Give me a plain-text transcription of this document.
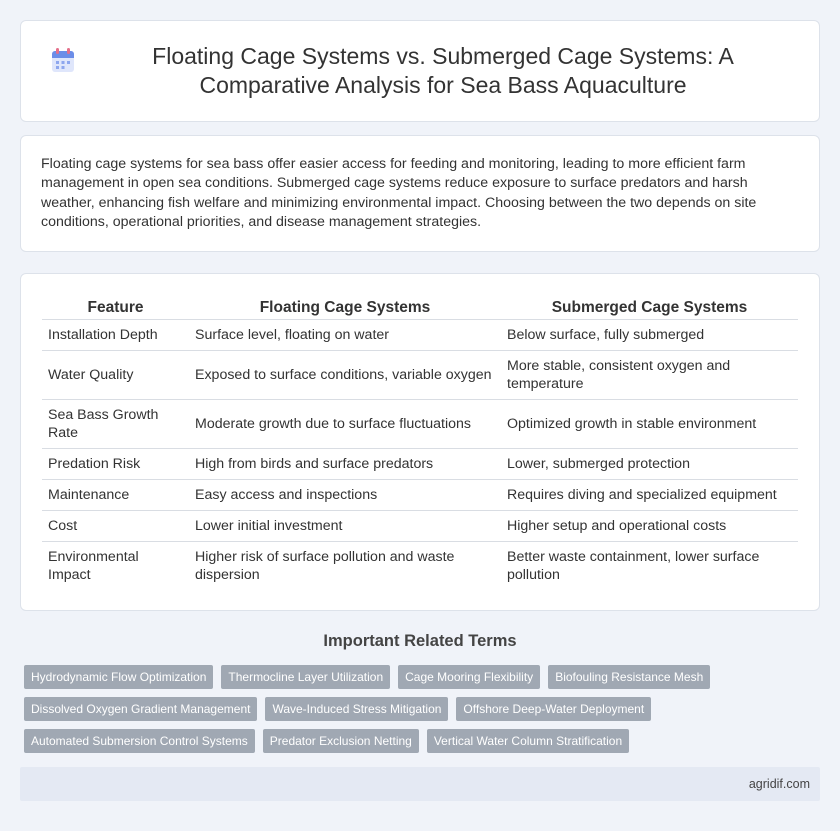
Floating Cage Systems vs. Submerged Cage Systems: A Comparative Analysis for Sea Bass Aquaculture

Floating cage systems for sea bass offer easier access for feeding and monitoring, leading to more efficient farm management in open sea conditions. Submerged cage systems reduce exposure to surface predators and harsh weather, enhancing fish welfare and minimizing environmental impact. Choosing between the two depends on site conditions, operational priorities, and disease management strategies.

Feature	Floating Cage Systems	Submerged Cage Systems
Installation Depth	Surface level, floating on water	Below surface, fully submerged
Water Quality	Exposed to surface conditions, variable oxygen	More stable, consistent oxygen and temperature
Sea Bass Growth Rate	Moderate growth due to surface fluctuations	Optimized growth in stable environment
Predation Risk	High from birds and surface predators	Lower, submerged protection
Maintenance	Easy access and inspections	Requires diving and specialized equipment
Cost	Lower initial investment	Higher setup and operational costs
Environmental Impact	Higher risk of surface pollution and waste dispersion	Better waste containment, lower surface pollution
Important Related Terms
Hydrodynamic Flow Optimization	Thermocline Layer Utilization	Cage Mooring Flexibility	Biofouling Resistance Mesh
Dissolved Oxygen Gradient Management	Wave-Induced Stress Mitigation	Offshore Deep-Water Deployment
Automated Submersion Control Systems	Predator Exclusion Netting	Vertical Water Column Stratification
agridif.com
